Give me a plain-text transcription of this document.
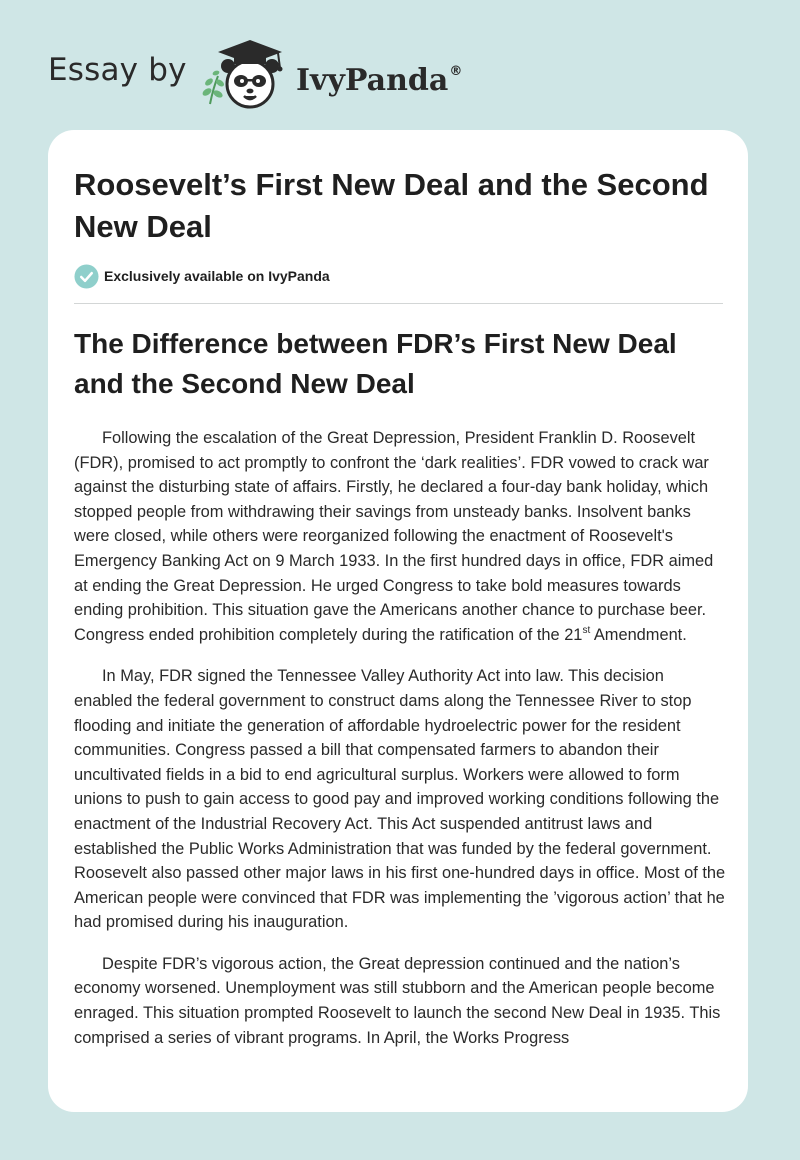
Essay by	IvyPanda®
Roosevelt’s First New Deal and the Second New Deal
Exclusively available on IvyPanda
The Difference between FDR’s First New Deal and the Second New Deal

Following the escalation of the Great Depression, President Franklin D. Roosevelt (FDR), promised to act promptly to confront the ‘dark realities’. FDR vowed to crack war against the disturbing state of affairs. Firstly, he declared a four-day bank holiday, which stopped people from withdrawing their savings from unsteady banks. Insolvent banks were closed, while others were reorganized following the enactment of Roosevelt's Emergency Banking Act on 9 March 1933. In the first hundred days in office, FDR aimed at ending the Great Depression. He urged Congress to take bold measures towards ending prohibition. This situation gave the Americans another chance to purchase beer. Congress ended prohibition completely during the ratification of the 21st Amendment.

In May, FDR signed the Tennessee Valley Authority Act into law. This decision enabled the federal government to construct dams along the Tennessee River to stop flooding and initiate the generation of affordable hydroelectric power for the resident communities. Congress passed a bill that compensated farmers to abandon their uncultivated fields in a bid to end agricultural surplus. Workers were allowed to form unions to push to gain access to good pay and improved working conditions following the enactment of the Industrial Recovery Act. This Act suspended antitrust laws and established the Public Works Administration that was funded by the federal government. Roosevelt also passed other major laws in his first one-hundred days in office. Most of the American people were convinced that FDR was implementing the ’vigorous action’ that he had promised during his inauguration.

Despite FDR’s vigorous action, the Great depression continued and the nation’s economy worsened. Unemployment was still stubborn and the American people become enraged. This situation prompted Roosevelt to launch the second New Deal in 1935. This comprised a series of vibrant programs. In April, the Works Progress
